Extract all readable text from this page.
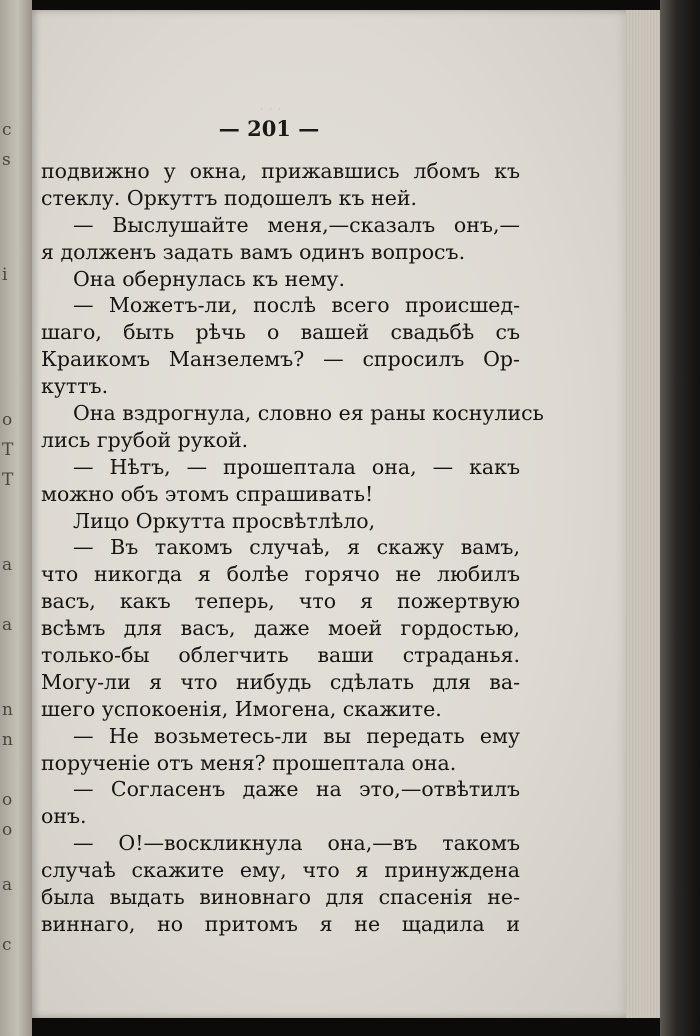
c
s
i
o
T
T
a
a
n
n
o
o
a
c
· ◦ ·
— 201 —
подвижно у окна, прижавшись лбомъ къ
стеклу. Оркуттъ подошелъ къ ней.
— Выслушайте меня,—сказалъ онъ,—
я долженъ задать вамъ одинъ вопросъ.
Она обернулась къ нему.
— Можетъ-ли, послѣ всего происшед-
шаго, быть рѣчь о вашей свадьбѣ съ
Краикомъ Манзелемъ? — спросилъ Ор-
куттъ.
Она вздрогнула, словно ея раны коснулись
лись грубой рукой.
— Нѣтъ, — прошептала она, — какъ
можно объ этомъ спрашивать!
Лицо Оркутта просвѣтлѣло,
— Въ такомъ случаѣ, я скажу вамъ,
что никогда я болѣе горячо не любилъ
васъ, какъ теперь, что я пожертвую
всѣмъ для васъ, даже моей гордостью,
только-бы облегчить ваши страданья.
Могу-ли я что нибудь сдѣлать для ва-
шего успокоенія, Имогена, скажите.
— Не возьметесь-ли вы передать ему
порученіе отъ меня? прошептала она.
— Согласенъ даже на это,—отвѣтилъ
онъ.
— О!—воскликнула она,—въ такомъ
случаѣ скажите ему, что я принуждена
была выдать виновнаго для спасенія не-
виннаго, но притомъ я не щадила и
